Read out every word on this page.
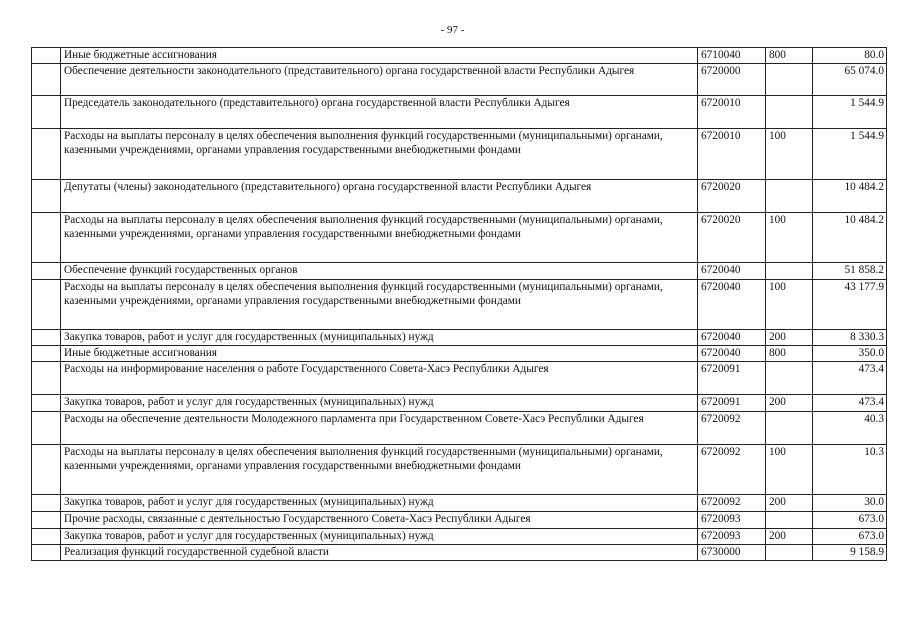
- 97 -
	Иные бюджетные ассигнования	6710040	800	80.0
	Обеспечение деятельности законодательного (представительного) органа государственной власти Республики Адыгея	6720000		65 074.0
	Председатель законодательного (представительного) органа государственной власти Республики Адыгея	6720010		1 544.9
	Расходы на выплаты персоналу в целях обеспечения выполнения функций государственными (муниципальными) органами, казенными учреждениями, органами управления государственными внебюджетными фондами	6720010	100	1 544.9
	Депутаты (члены) законодательного (представительного) органа государственной власти Республики Адыгея	6720020		10 484.2
	Расходы на выплаты персоналу в целях обеспечения выполнения функций государственными (муниципальными) органами, казенными учреждениями, органами управления государственными внебюджетными фондами	6720020	100	10 484.2
	Обеспечение функций государственных органов	6720040		51 858.2
	Расходы на выплаты персоналу в целях обеспечения выполнения функций государственными (муниципальными) органами, казенными учреждениями, органами управления государственными внебюджетными фондами	6720040	100	43 177.9
	Закупка товаров, работ и услуг для государственных (муниципальных) нужд	6720040	200	8 330.3
	Иные бюджетные ассигнования	6720040	800	350.0
	Расходы на информирование населения о работе Государственного Совета-Хасэ Республики Адыгея	6720091		473.4
	Закупка товаров, работ и услуг для государственных (муниципальных) нужд	6720091	200	473.4
	Расходы на обеспечение деятельности Молодежного парламента при Государственном Совете-Хасэ Республики Адыгея	6720092		40.3
	Расходы на выплаты персоналу в целях обеспечения выполнения функций государственными (муниципальными) органами, казенными учреждениями, органами управления государственными внебюджетными фондами	6720092	100	10.3
	Закупка товаров, работ и услуг для государственных (муниципальных) нужд	6720092	200	30.0
	Прочие расходы, связанные с деятельностью Государственного Совета-Хасэ Республики Адыгея	6720093		673.0
	Закупка товаров, работ и услуг для государственных (муниципальных) нужд	6720093	200	673.0
	Реализация функций государственной судебной власти	6730000		9 158.9
